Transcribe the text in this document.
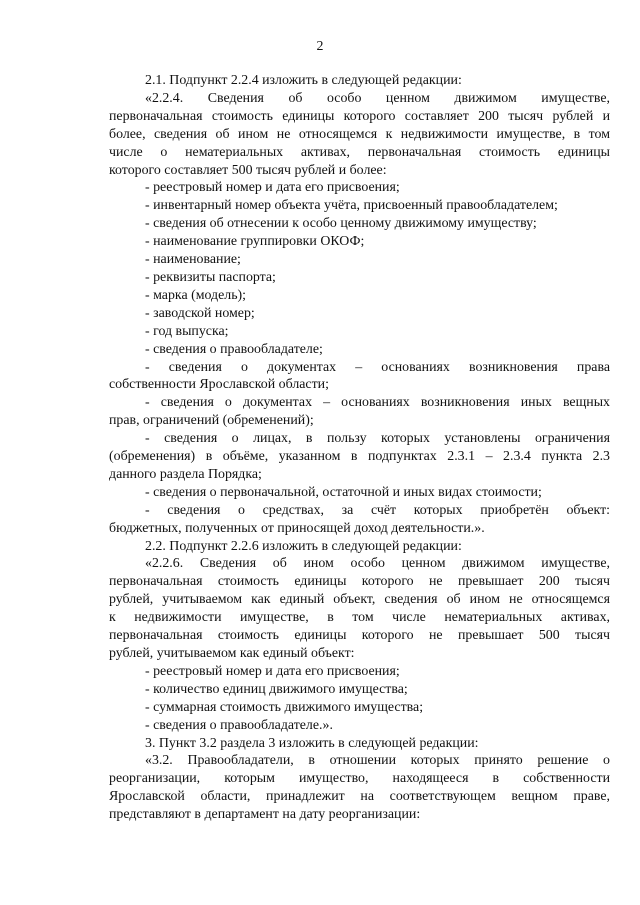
2
2.1. Подпункт 2.2.4 изложить в следующей редакции:
«2.2.4. Сведения об особо ценном движимом имуществе,
первоначальная стоимость единицы которого составляет 200 тысяч рублей и
более, сведения об ином не относящемся к недвижимости имуществе, в том
числе о нематериальных активах, первоначальная стоимость единицы
которого составляет 500 тысяч рублей и более:
- реестровый номер и дата его присвоения;
- инвентарный номер объекта учёта, присвоенный правообладателем;
- сведения об отнесении к особо ценному движимому имуществу;
- наименование группировки ОКОФ;
- наименование;
- реквизиты паспорта;
- марка (модель);
- заводской номер;
- год выпуска;
- сведения о правообладателе;
- сведения о документах – основаниях возникновения права
собственности Ярославской области;
- сведения о документах – основаниях возникновения иных вещных
прав, ограничений (обременений);
- сведения о лицах, в пользу которых установлены ограничения
(обременения) в объёме, указанном в подпунктах 2.3.1 – 2.3.4 пункта 2.3
данного раздела Порядка;
- сведения о первоначальной, остаточной и иных видах стоимости;
- сведения о средствах, за счёт которых приобретён объект:
бюджетных, полученных от приносящей доход деятельности.».
2.2. Подпункт 2.2.6 изложить в следующей редакции:
«2.2.6. Сведения об ином особо ценном движимом имуществе,
первоначальная стоимость единицы которого не превышает 200 тысяч
рублей, учитываемом как единый объект, сведения об ином не относящемся
к недвижимости имуществе, в том числе нематериальных активах,
первоначальная стоимость единицы которого не превышает 500 тысяч
рублей, учитываемом как единый объект:
- реестровый номер и дата его присвоения;
- количество единиц движимого имущества;
- суммарная стоимость движимого имущества;
- сведения о правообладателе.».
3. Пункт 3.2 раздела 3 изложить в следующей редакции:
«3.2. Правообладатели, в отношении которых принято решение о
реорганизации, которым имущество, находящееся в собственности
Ярославской области, принадлежит на соответствующем вещном праве,
представляют в департамент на дату реорганизации:
